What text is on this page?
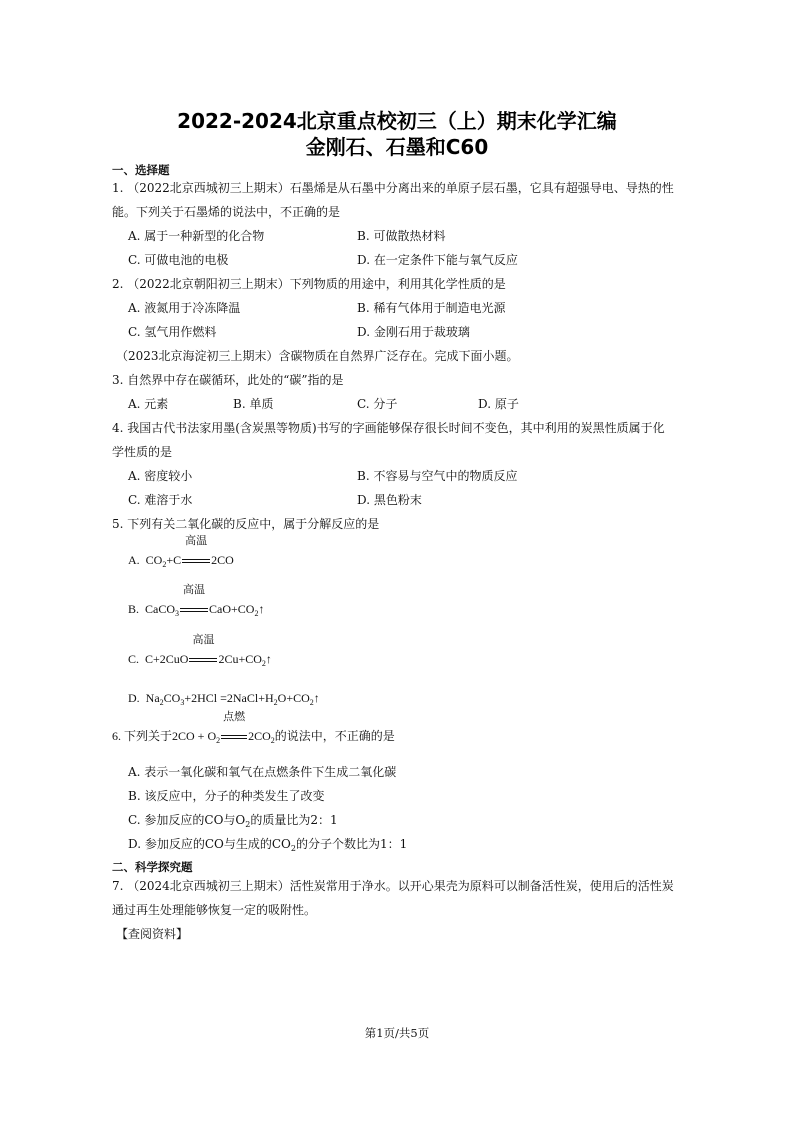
2022-2024北京重点校初三（上）期末化学汇编
金刚石、石墨和C60
一、选择题
1. （2022北京西城初三上期末）石墨烯是从石墨中分离出来的单原子层石墨，它具有超强导电、导热的性
能。下列关于石墨烯的说法中，不正确的是
A. 属于一种新型的化合物	B. 可做散热材料
C. 可做电池的电极	D. 在一定条件下能与氧气反应
2. （2022北京朝阳初三上期末）下列物质的用途中，利用其化学性质的是
A. 液氮用于冷冻降温	B. 稀有气体用于制造电光源
C. 氢气用作燃料	D. 金刚石用于裁玻璃
（2023北京海淀初三上期末）含碳物质在自然界广泛存在。完成下面小题。
3. 自然界中存在碳循环，此处的“碳”指的是
A. 元素	B. 单质	C. 分子	D. 原子
4. 我国古代书法家用墨(含炭黑等物质)书写的字画能够保存很长时间不变色，其中利用的炭黑性质属于化
学性质的是
A. 密度较小	B. 不容易与空气中的物质反应
C. 难溶于水	D. 黑色粉末
5. 下列有关二氧化碳的反应中，属于分解反应的是
A.  $CO_2+C$
高温
2CO
B.  CaCO$_3$
高温
$CaO+CO_2↑$
C.  C+2CuO
高温
$2Cu+CO_2↑$
D.  $Na_2CO_3+2HCl$ $=2NaCl+H_2O+CO_2↑$
6. 下列关于$2CO + O_2$
点燃
$2CO_2$的说法中，不正确的是
A. 表示一氧化碳和氧气在点燃条件下生成二氧化碳
B. 该反应中，分子的种类发生了改变
C. 参加反应的CO与$O_2$的质量比为2：1
D. 参加反应的CO与生成的$CO_2$的分子个数比为1：1
二、科学探究题
7. （2024北京西城初三上期末）活性炭常用于净水。以开心果壳为原料可以制备活性炭，使用后的活性炭
通过再生处理能够恢复一定的吸附性。
【查阅资料】
第1页/共5页
